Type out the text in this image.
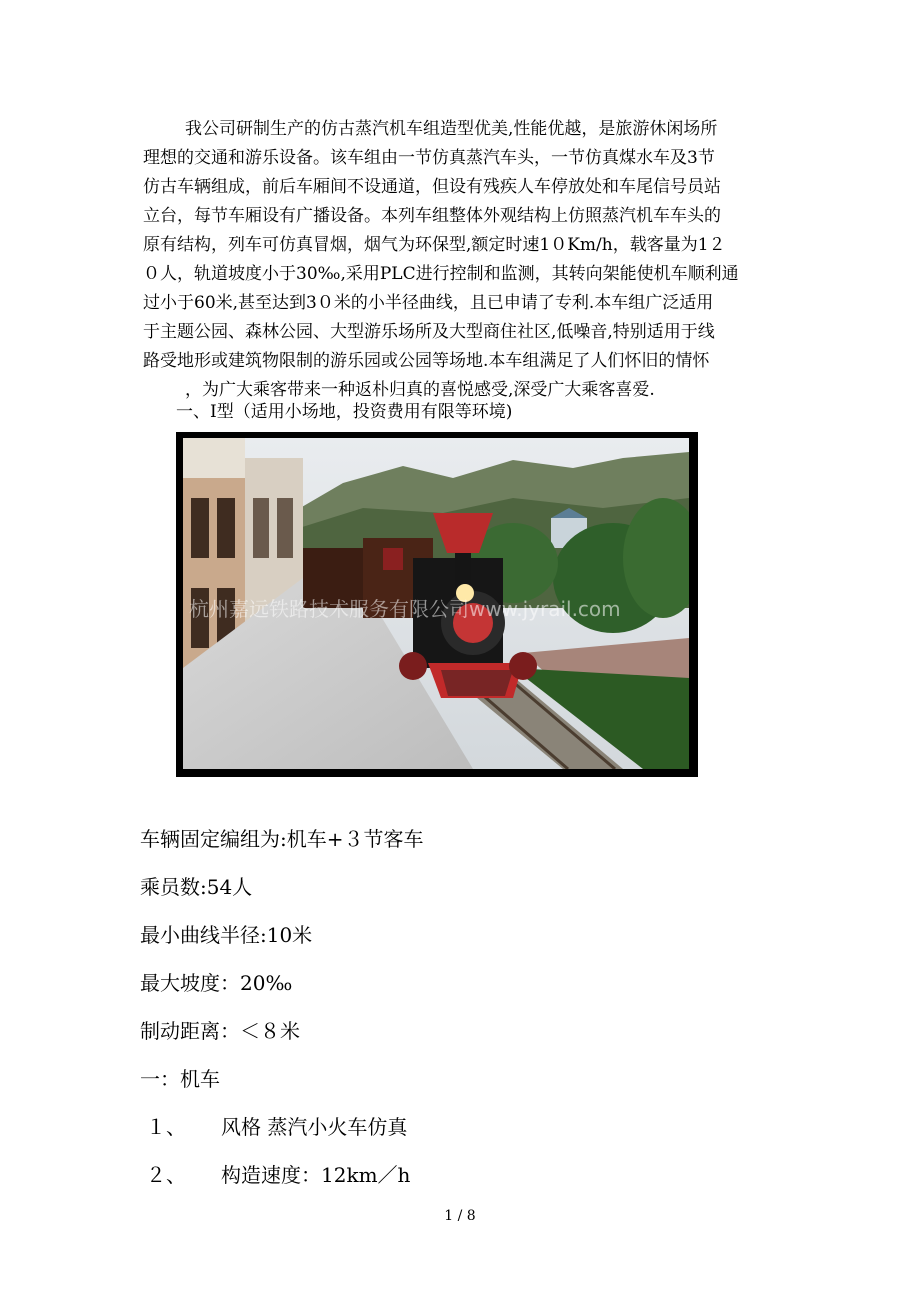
我公司研制生产的仿古蒸汽机车组造型优美,性能优越，是旅游休闲场所
理想的交通和游乐设备。该车组由一节仿真蒸汽车头，一节仿真煤水车及3节
仿古车辆组成，前后车厢间不设通道，但设有残疾人车停放处和车尾信号员站
立台，每节车厢设有广播设备。本列车组整体外观结构上仿照蒸汽机车车头的
原有结构，列车可仿真冒烟，烟气为环保型,额定时速1０Km/h，载客量为1２
０人，轨道坡度小于30‰,采用PLC进行控制和监测，其转向架能使机车顺利通
过小于60米,甚至达到3０米的小半径曲线，且已申请了专利.本车组广泛适用
于主题公园、森林公园、大型游乐场所及大型商住社区,低噪音,特别适用于线
路受地形或建筑物限制的游乐园或公园等场地.本车组满足了人们怀旧的情怀
，为广大乘客带来一种返朴归真的喜悦感受,深受广大乘客喜爱.
一、I型（适用小场地，投资费用有限等环境)
杭州嘉远铁路技术服务有限公司www.jyrail.com
车辆固定编组为:机车+３节客车
乘员数:54人
最小曲线半径:10米
最大坡度：20‰
制动距离：＜８米
一：机车
１、 风格 蒸汽小火车仿真
２、 构造速度：12km／h
1 / 8
